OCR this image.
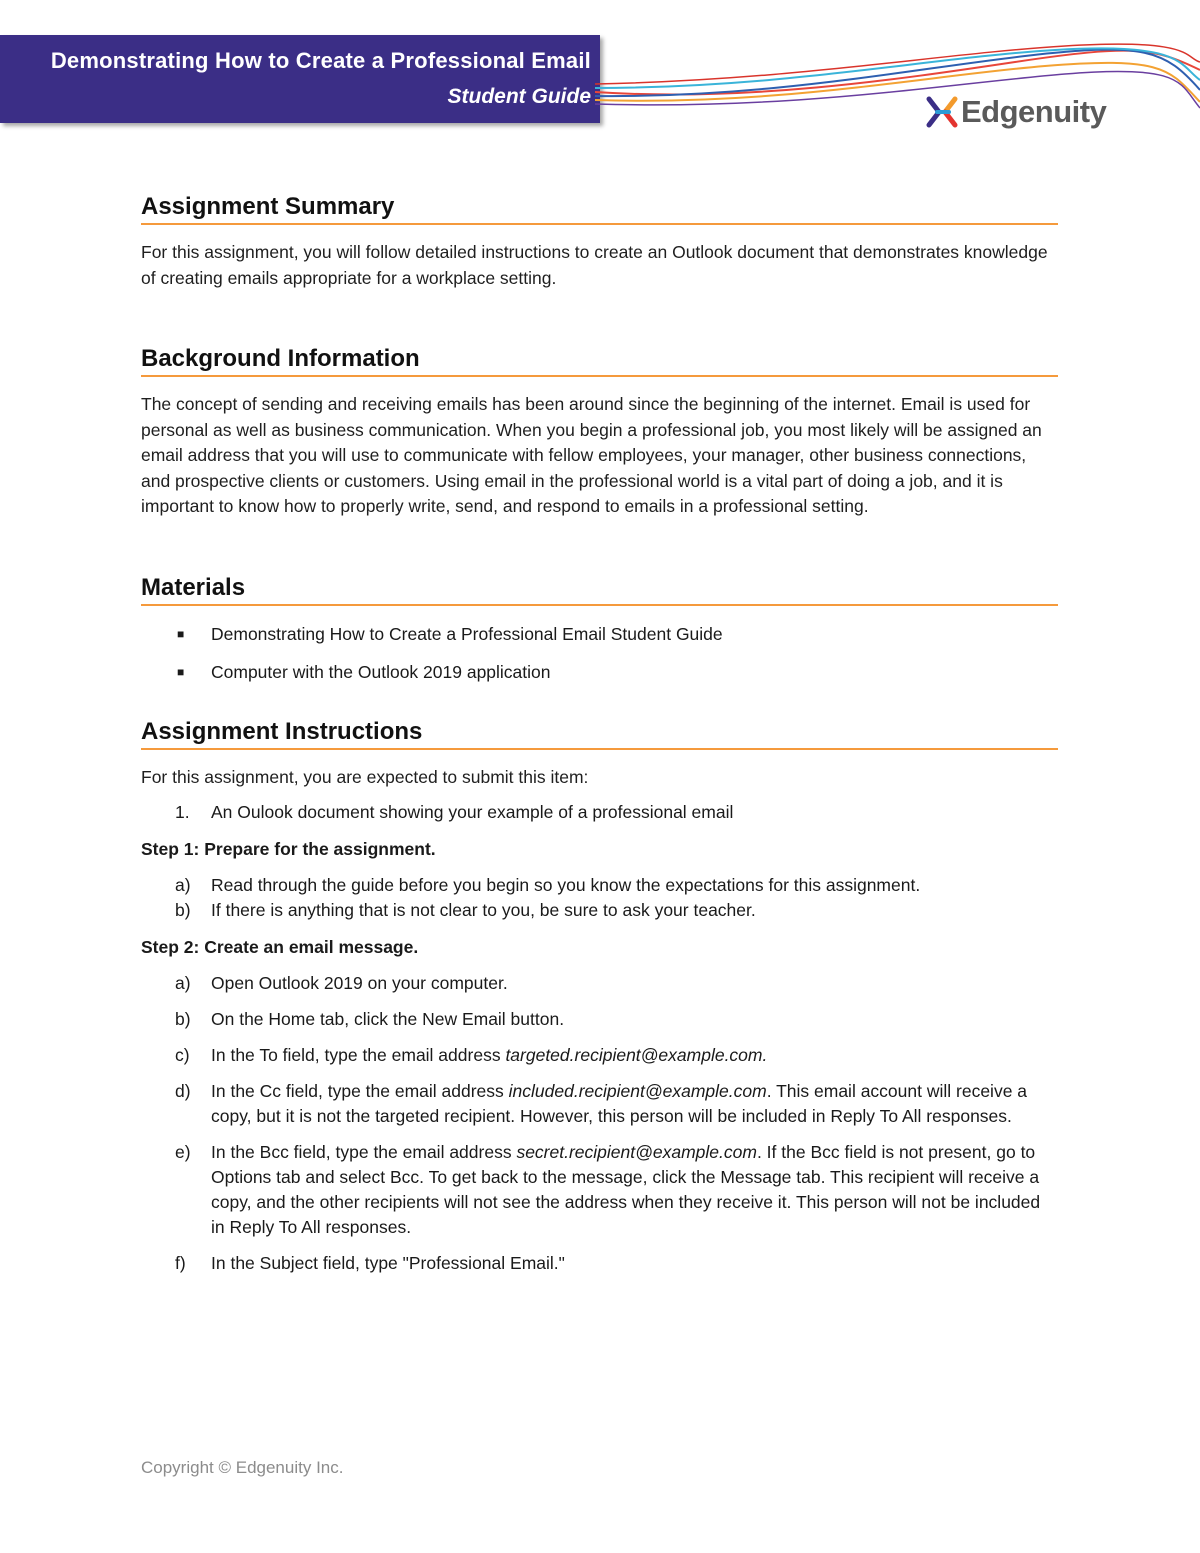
Demonstrating How to Create a Professional Email
Student Guide	Edgenuity
Assignment Summary

For this assignment, you will follow detailed instructions to create an Outlook document that demonstrates knowledge of creating emails appropriate for a workplace setting.

Background Information

The concept of sending and receiving emails has been around since the beginning of the internet. Email is used for personal as well as business communication. When you begin a professional job, you most likely will be assigned an email address that you will use to communicate with fellow employees, your manager, other business connections, and prospective clients or customers. Using email in the professional world is a vital part of doing a job, and it is important to know how to properly write, send, and respond to emails in a professional setting.

Materials
■ Demonstrating How to Create a Professional Email Student Guide
■ Computer with the Outlook 2019 application
Assignment Instructions

For this assignment, you are expected to submit this item:

1. An Oulook document showing your example of a professional email
Step 1: Prepare for the assignment.
a) Read through the guide before you begin so you know the expectations for this assignment.
b) If there is anything that is not clear to you, be sure to ask your teacher.
Step 2: Create an email message.
a) Open Outlook 2019 on your computer.
b) On the Home tab, click the New Email button.
c) In the To field, type the email address targeted.recipient@example.com.
d) In the Cc field, type the email address included.recipient@example.com. This email account will receive a copy, but it is not the targeted recipient. However, this person will be included in Reply To All responses.
e) In the Bcc field, type the email address secret.recipient@example.com. If the Bcc field is not present, go to Options tab and select Bcc. To get back to the message, click the Message tab. This recipient will receive a copy, and the other recipients will not see the address when they receive it. This person will not be included in Reply To All responses.
f) In the Subject field, type "Professional Email."
Copyright © Edgenuity Inc.
